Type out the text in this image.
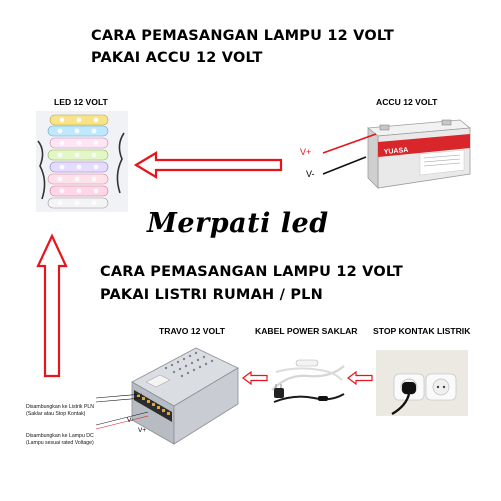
CARA PEMASANGAN LAMPU 12 VOLT
PAKAI ACCU 12 VOLT
LED 12 VOLT	ACCU 12 VOLT
YUASA
V+
V-
Merpati led
CARA PEMASANGAN LAMPU 12 VOLT
PAKAI LISTRI RUMAH / PLN
TRAVO 12 VOLT	KABEL POWER SAKLAR STOP KONTAK LISTRIK
Disambungkan ke Listrik PLN
(Saklar atau Stop Kontak)
Disambungkan ke Lampu DC
(Lampu sesuai rated Voltage)
V-
V+
